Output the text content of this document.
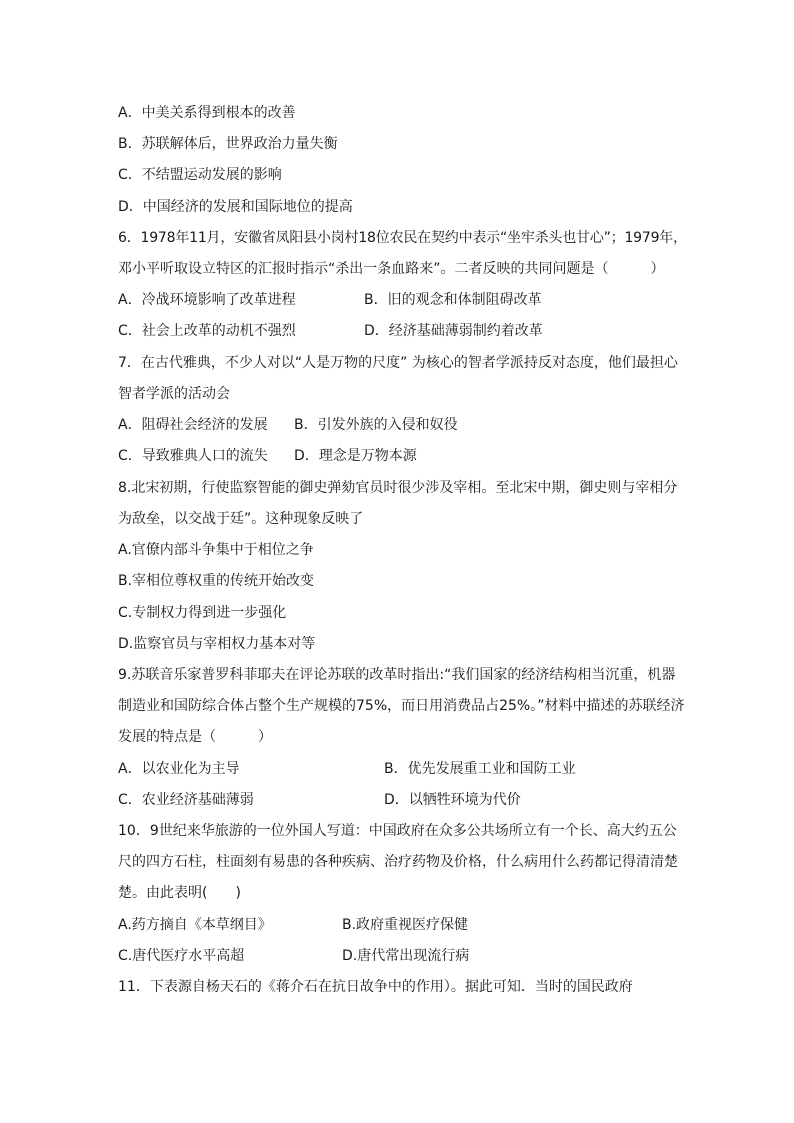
A．中美关系得到根本的改善
B．苏联解体后，世界政治力量失衡
C．不结盟运动发展的影响
D．中国经济的发展和国际地位的提高
6．1978年11月，安徽省凤阳县小岗村18位农民在契约中表示“坐牢杀头也甘心”；1979年，
邓小平听取设立特区的汇报时指示“杀出一条血路来”。二者反映的共同问题是（　　　）
A．冷战环境影响了改革进程	B．旧的观念和体制阻碍改革
C．社会上改革的动机不强烈	D．经济基础薄弱制约着改革
7．在古代雅典，不少人对以“人是万物的尺度” 为核心的智者学派持反对态度，他们最担心
智者学派的活动会
A．阻碍社会经济的发展 B．引发外族的入侵和奴役
C．导致雅典人口的流失 D．理念是万物本源
8.北宋初期，行使监察智能的御史弹劾官员时很少涉及宰相。至北宋中期，御史则与宰相分
为敌垒，以交战于廷”。这种现象反映了
A.官僚内部斗争集中于相位之争
B.宰相位尊权重的传统开始改变
C.专制权力得到进一步强化
D.监察官员与宰相权力基本对等
9.苏联音乐家普罗科菲耶夫在评论苏联的改革时指出:“我们国家的经济结构相当沉重，机器
制造业和国防综合体占整个生产规模的75%，而日用消费品占25%。”材料中描述的苏联经济
发展的特点是（　　　）
A．以农业化为主导	B．优先发展重工业和国防工业
C．农业经济基础薄弱	D．以牺牲环境为代价
10．9世纪来华旅游的一位外国人写道：中国政府在众多公共场所立有一个长、高大约五公
尺的四方石柱，柱面刻有易患的各种疾病、治疗药物及价格，什么病用什么药都记得清清楚
楚。由此表明(　　)
A.药方摘自《本草纲目》	B.政府重视医疗保健
C.唐代医疗水平高超	D.唐代常出现流行病
11．下表源自杨天石的《蒋介石在抗日故争中的作用）。据此可知．当时的国民政府
